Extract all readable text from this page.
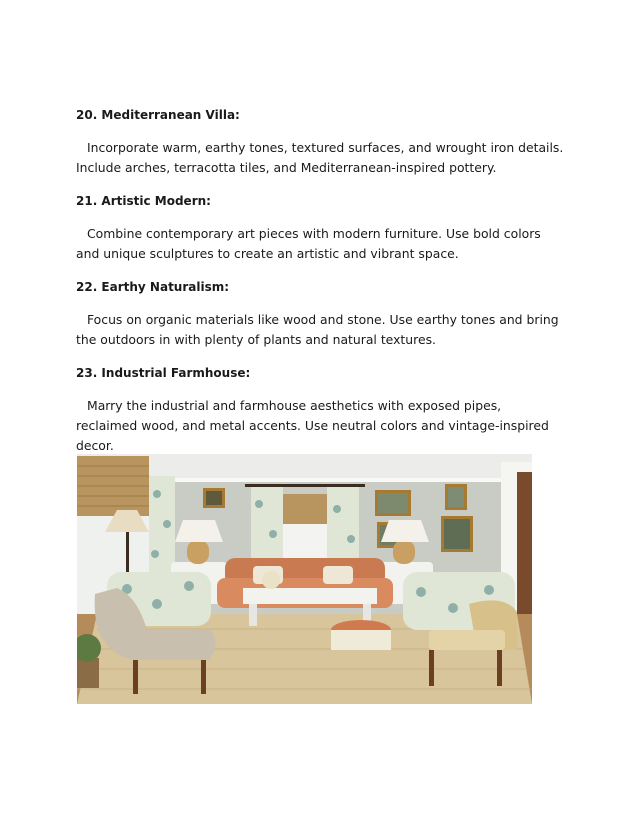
20. Mediterranean Villa:
Incorporate warm, earthy tones, textured surfaces, and wrought iron details. Include arches, terracotta tiles, and Mediterranean-inspired pottery.
21. Artistic Modern:
Combine contemporary art pieces with modern furniture. Use bold colors and unique sculptures to create an artistic and vibrant space.
22. Earthy Naturalism:
Focus on organic materials like wood and stone. Use earthy tones and bring the outdoors in with plenty of plants and natural textures.
23. Industrial Farmhouse:
Marry the industrial and farmhouse aesthetics with exposed pipes, reclaimed wood, and metal accents. Use neutral colors and vintage-inspired decor.
